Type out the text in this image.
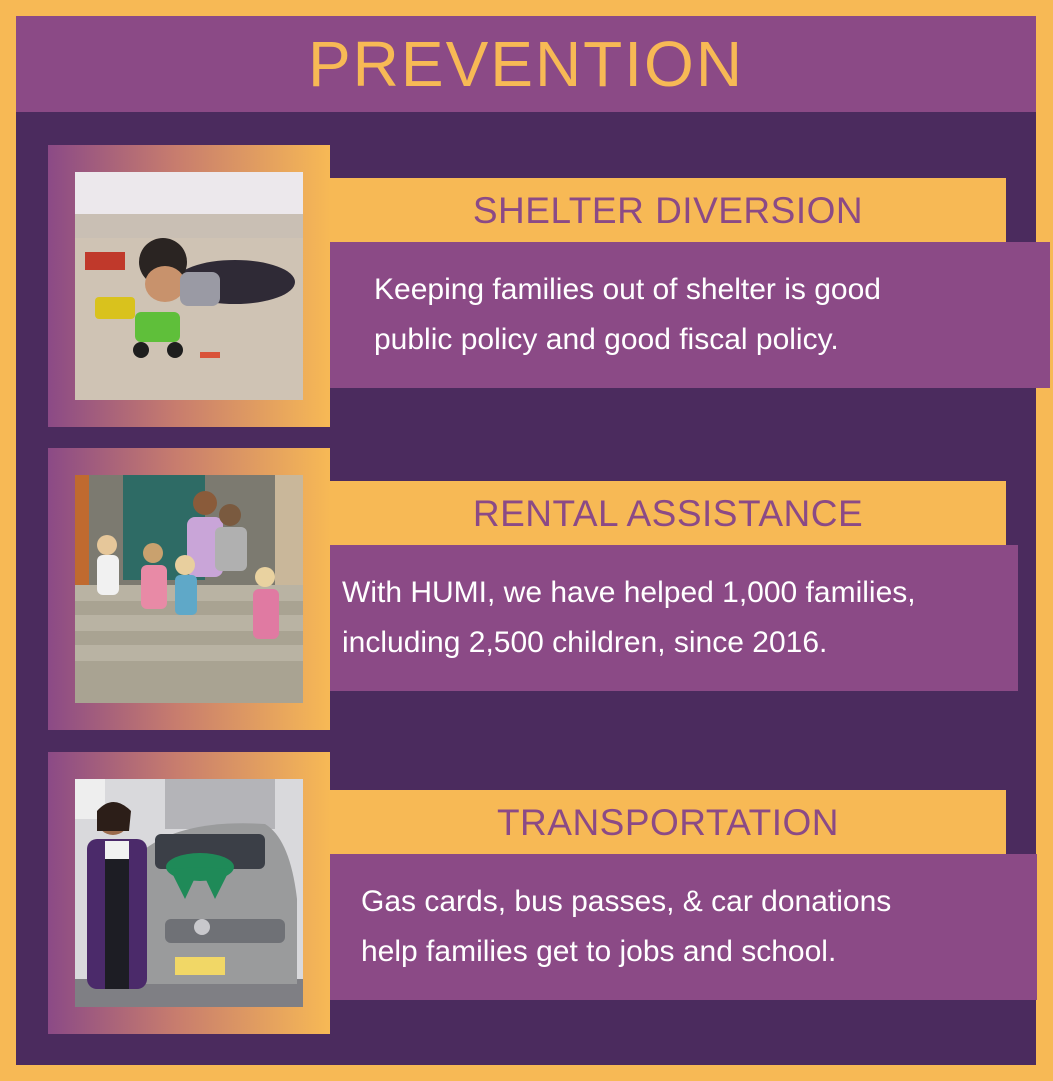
PREVENTION
SHELTER DIVERSION
Keeping families out of shelter is good
public policy and good fiscal policy.
RENTAL ASSISTANCE
With HUMI, we have helped 1,000 families,
including 2,500 children, since 2016.
TRANSPORTATION
Gas cards, bus passes, & car donations
help families get to jobs and school.
